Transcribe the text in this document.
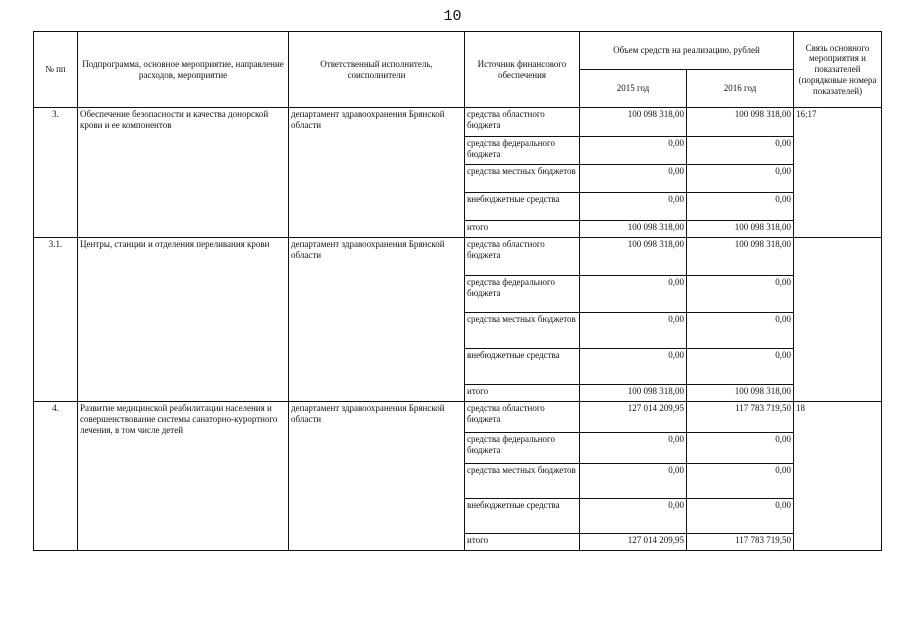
10
№ пп	Подпрограмма, основное мероприятие, направление расходов, мероприятие	Ответственный исполнитель, соисполнители	Источник финансового обеспечения	Объем средств на реализацию, рублей		Связь основного мероприятия и показателей (порядковые номера показателей)
				2015 год	2016 год	
3.	Обеспечение безопасности и качества донорской крови и ее компонентов	департамент здравоохранения Брянской области	средства областного бюджета	100 098 318,00	100 098 318,00	16;17
			средства федерального бюджета	0,00	0,00	
			средства местных бюджетов	0,00	0,00	
			внебюджетные средства	0,00	0,00	
			итого	100 098 318,00	100 098 318,00	
3.1.	Центры, станции и отделения переливания крови	департамент здравоохранения Брянской области	средства областного бюджета	100 098 318,00	100 098 318,00	
			средства федерального бюджета	0,00	0,00	
			средства местных бюджетов	0,00	0,00	
			внебюджетные средства	0,00	0,00	
			итого	100 098 318,00	100 098 318,00	
4.	Развитие медицинской реабилитации населения и совершенствование системы санаторно-курортного лечения, в том числе детей	департамент здравоохранения Брянской области	средства областного бюджета	127 014 209,95	117 783 719,50	18
			средства федерального бюджета	0,00	0,00	
			средства местных бюджетов	0,00	0,00	
			внебюджетные средства	0,00	0,00	
			итого	127 014 209,95	117 783 719,50	
